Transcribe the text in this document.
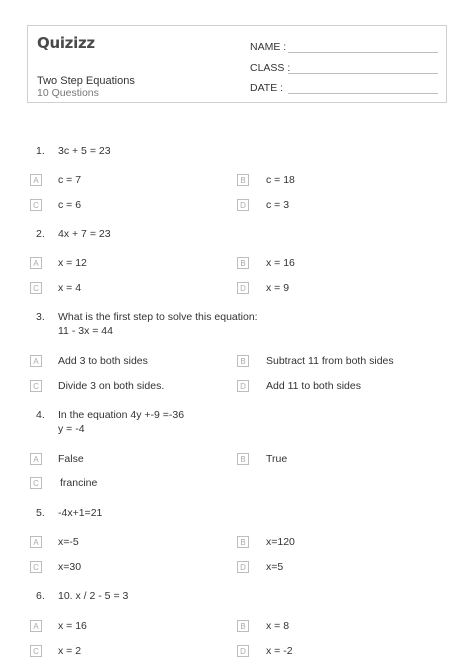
Quizizz
Two Step Equations
10 Questions
NAME :
CLASS :
DATE :
1. 3c + 5 = 23
A	c = 7	B	c = 18
C c = 6	D c = 3
2. 4x + 7 = 23
A	x = 12	B	x = 16
C x = 4	D x = 9
3. What is the first step to solve this equation:
11 - 3x = 44
A	Add 3 to both sides	B	Subtract 11 from both sides
C Divide 3 on both sides.	D Add 11 to both sides
4. In the equation 4y +-9 =-36
y = -4
A	False	B	True
C francine
5. -4x+1=21
A	x=-5	B	x=120
C x=30	D x=5
6. 10. x / 2 - 5 = 3
A	x = 16	B	x = 8
C x = 2	D x = -2
